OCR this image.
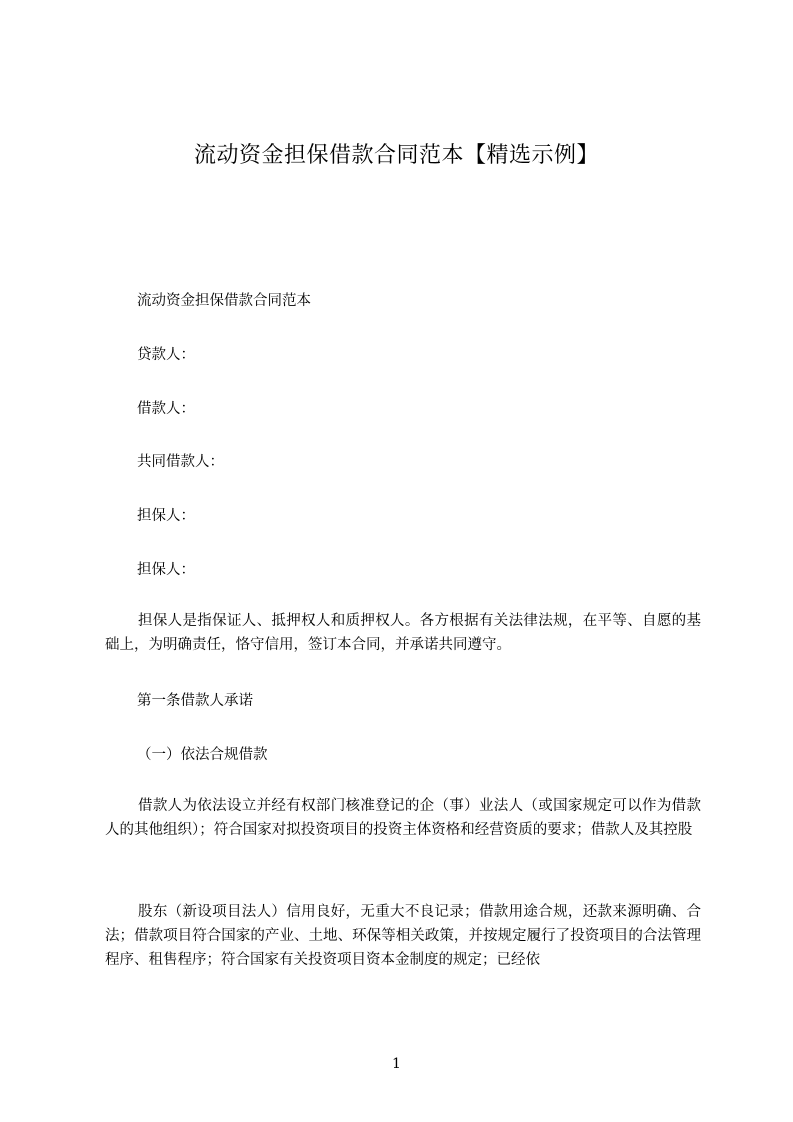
流动资金担保借款合同范本【精选示例】
流动资金担保借款合同范本
贷款人：
借款人：
共同借款人：
担保人：
担保人：
担保人是指保证人、抵押权人和质押权人。各方根据有关法律法规，在平等、自愿的基础上，为明确责任，恪守信用，签订本合同，并承诺共同遵守。
第一条借款人承诺
（一）依法合规借款
借款人为依法设立并经有权部门核准登记的企（事）业法人（或国家规定可以作为借款人的其他组织）；符合国家对拟投资项目的投资主体资格和经营资质的要求；借款人及其控股
股东（新设项目法人）信用良好，无重大不良记录；借款用途合规，还款来源明确、合法；借款项目符合国家的产业、土地、环保等相关政策，并按规定履行了投资项目的合法管理程序、租售程序；符合国家有关投资项目资本金制度的规定；已经依
1
